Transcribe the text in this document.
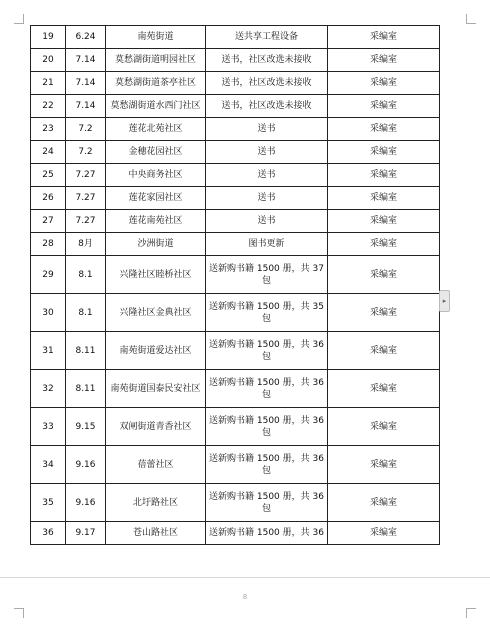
19	6.24	南苑街道	送共享工程设备	采编室
20	7.14	莫愁湖街道明园社区	送书，社区改选未接收	采编室
21	7.14	莫愁湖街道茶亭社区	送书，社区改选未接收	采编室
22	7.14	莫愁湖街道水西门社区	送书，社区改选未接收	采编室
23	7.2	莲花北苑社区	送书	采编室
24	7.2	金穗花园社区	送书	采编室
25	7.27	中央商务社区	送书	采编室
26	7.27	莲花家园社区	送书	采编室
27	7.27	莲花南苑社区	送书	采编室
28	8月	沙洲街道	图书更新	采编室
29	8.1	兴隆社区睦桥社区	送新购书籍 1500 册，共 37 包	采编室
30	8.1	兴隆社区金典社区	送新购书籍 1500 册，共 35 包	采编室
31	8.11	南苑街道爱达社区	送新购书籍 1500 册，共 36 包	采编室
32	8.11	南苑街道国泰民安社区	送新购书籍 1500 册，共 36 包	采编室
33	9.15	双闸街道青香社区	送新购书籍 1500 册，共 36 包	采编室
34	9.16	蓓蕾社区	送新购书籍 1500 册，共 36 包	采编室
35	9.16	北圩路社区	送新购书籍 1500 册，共 36 包	采编室
36	9.17	苍山路社区	送新购书籍 1500 册，共 36	采编室
8
▸
